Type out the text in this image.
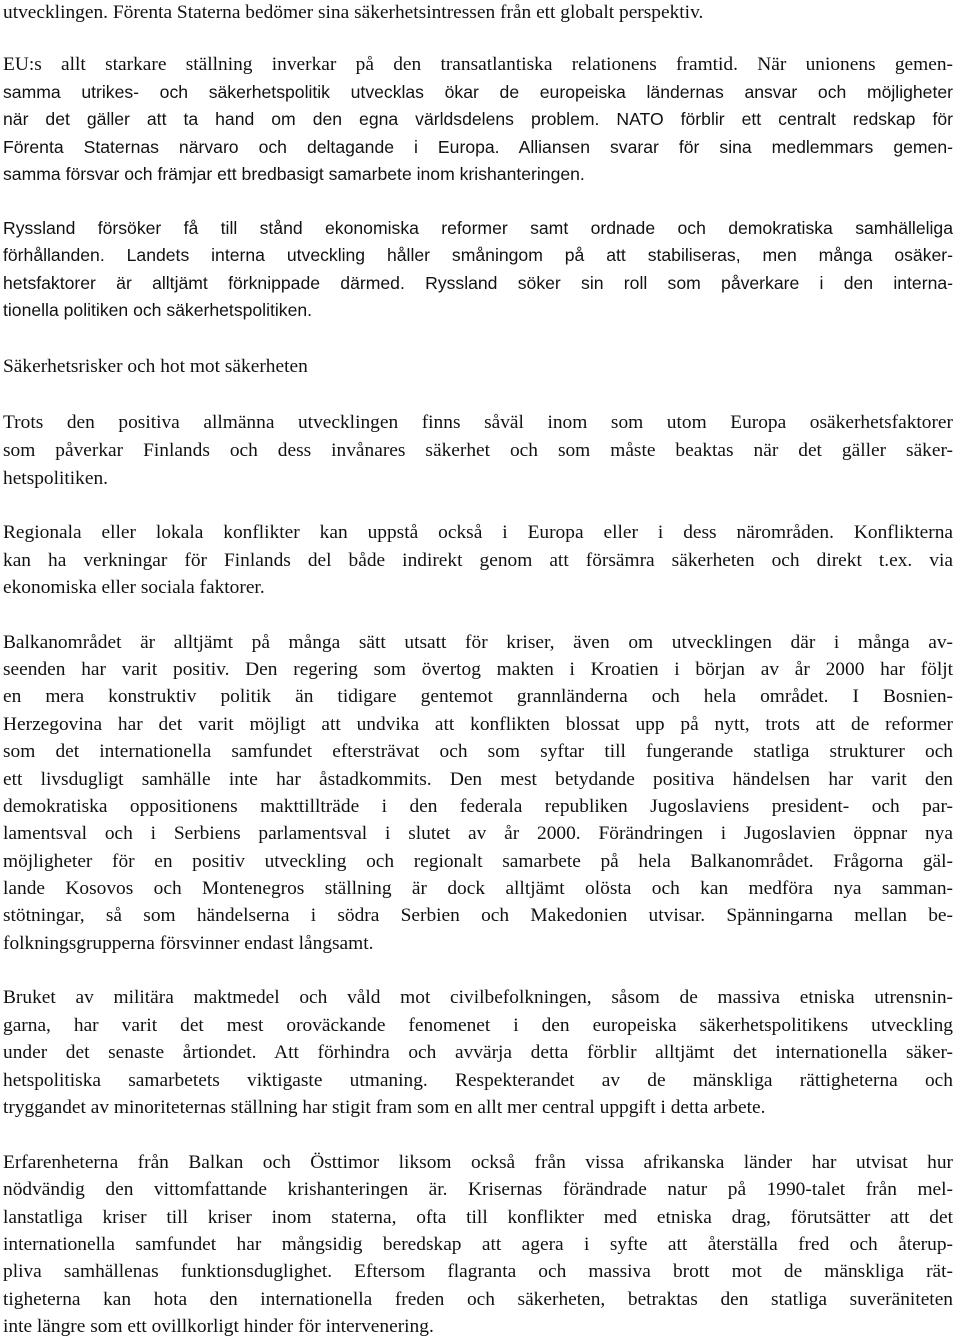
utvecklingen. Förenta Staterna bedömer sina säkerhetsintressen från ett globalt perspektiv.
EU:s allt starkare ställning inverkar på den transatlantiska relationens framtid. När unionens gemen-
samma utrikes- och säkerhetspolitik utvecklas ökar de europeiska ländernas ansvar och möjligheter
när det gäller att ta hand om den egna världsdelens problem. NATO förblir ett centralt redskap för
Förenta Staternas närvaro och deltagande i Europa. Alliansen svarar för sina medlemmars gemen-
samma försvar och främjar ett bredbasigt samarbete inom krishanteringen.
Ryssland försöker få till stånd ekonomiska reformer samt ordnade och demokratiska samhälleliga
förhållanden. Landets interna utveckling håller småningom på att stabiliseras, men många osäker-
hetsfaktorer är alltjämt förknippade därmed. Ryssland söker sin roll som påverkare i den interna-
tionella politiken och säkerhetspolitiken.
Säkerhetsrisker och hot mot säkerheten
Trots den positiva allmänna utvecklingen finns såväl inom som utom Europa osäkerhetsfaktorer
som påverkar Finlands och dess invånares säkerhet och som måste beaktas när det gäller säker-
hetspolitiken.
Regionala eller lokala konflikter kan uppstå också i Europa eller i dess närområden. Konflikterna
kan ha verkningar för Finlands del både indirekt genom att försämra säkerheten och direkt t.ex. via
ekonomiska eller sociala faktorer.
Balkanområdet är alltjämt på många sätt utsatt för kriser, även om utvecklingen där i många av-
seenden har varit positiv. Den regering som övertog makten i Kroatien i början av år 2000 har följt
en mera konstruktiv politik än tidigare gentemot grannländerna och hela området. I Bosnien-
Herzegovina har det varit möjligt att undvika att konflikten blossat upp på nytt, trots att de reformer
som det internationella samfundet eftersträvat och som syftar till fungerande statliga strukturer och
ett livsdugligt samhälle inte har åstadkommits. Den mest betydande positiva händelsen har varit den
demokratiska oppositionens makttillträde i den federala republiken Jugoslaviens president- och par-
lamentsval och i Serbiens parlamentsval i slutet av år 2000. Förändringen i Jugoslavien öppnar nya
möjligheter för en positiv utveckling och regionalt samarbete på hela Balkanområdet. Frågorna gäl-
lande Kosovos och Montenegros ställning är dock alltjämt olösta och kan medföra nya samman-
stötningar, så som händelserna i södra Serbien och Makedonien utvisar. Spänningarna mellan be-
folkningsgrupperna försvinner endast långsamt.
Bruket av militära maktmedel och våld mot civilbefolkningen, såsom de massiva etniska utrensnin-
garna, har varit det mest oroväckande fenomenet i den europeiska säkerhetspolitikens utveckling
under det senaste årtiondet. Att förhindra och avvärja detta förblir alltjämt det internationella säker-
hetspolitiska samarbetets viktigaste utmaning. Respekterandet av de mänskliga rättigheterna och
tryggandet av minoriteternas ställning har stigit fram som en allt mer central uppgift i detta arbete.
Erfarenheterna från Balkan och Östtimor liksom också från vissa afrikanska länder har utvisat hur
nödvändig den vittomfattande krishanteringen är. Krisernas förändrade natur på 1990-talet från mel-
lanstatliga kriser till kriser inom staterna, ofta till konflikter med etniska drag, förutsätter att det
internationella samfundet har mångsidig beredskap att agera i syfte att återställa fred och återup-
pliva samhällenas funktionsduglighet. Eftersom flagranta och massiva brott mot de mänskliga rät-
tigheterna kan hota den internationella freden och säkerheten, betraktas den statliga suveräniteten
inte längre som ett ovillkorligt hinder för intervenering.
